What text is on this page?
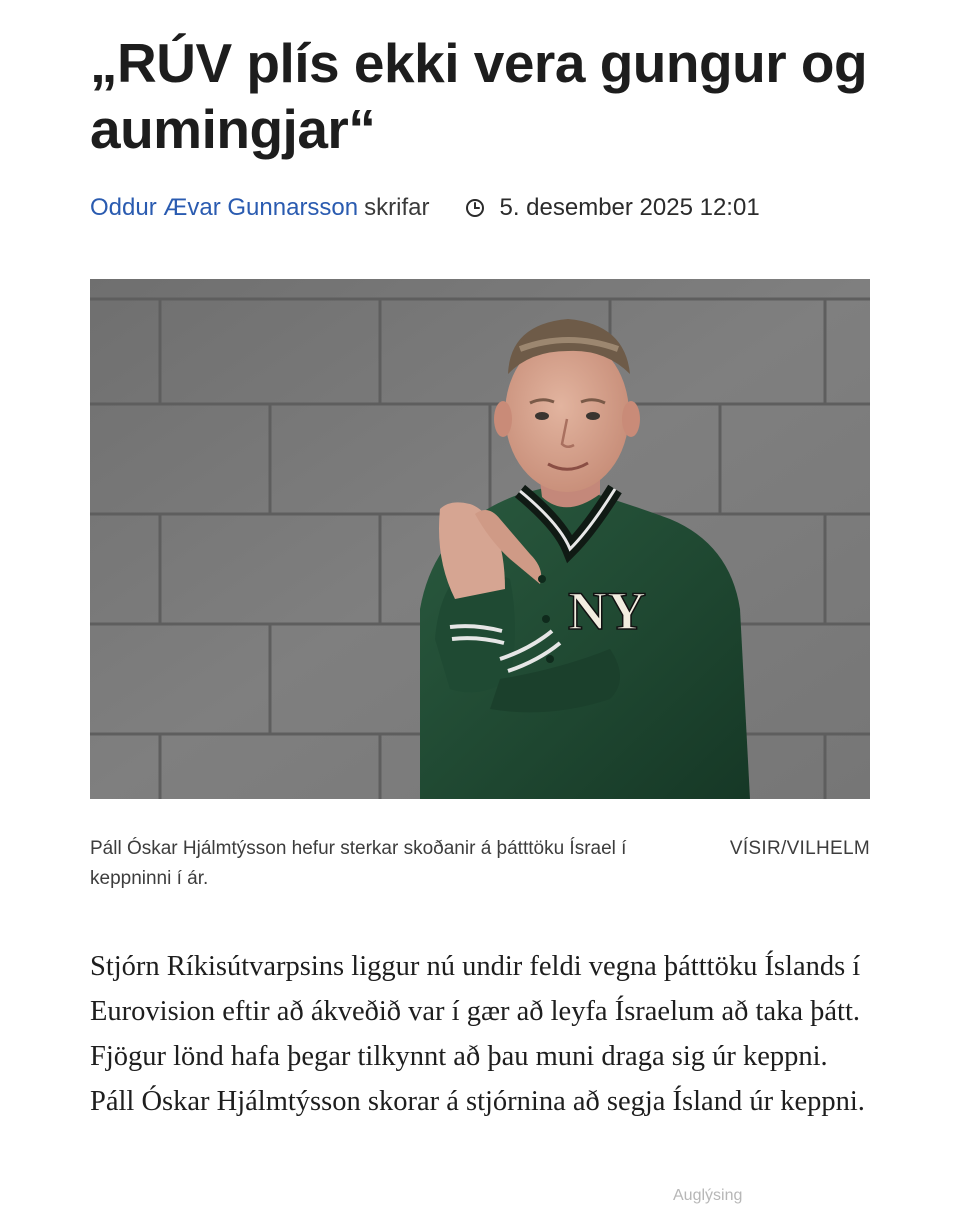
„RÚV plís ekki vera gungur og aumingjar“
Oddur Ævar Gunnarsson skrifar	5. desember 2025 12:01
NY
Páll Óskar Hjálmtýsson hefur sterkar skoðanir á þátttöku Ísrael í keppninni í ár.
VÍSIR/VILHELM

Stjórn Ríkisútvarpsins liggur nú undir feldi vegna þátttöku Íslands í Eurovision eftir að ákveðið var í gær að leyfa Ísraelum að taka þátt. Fjögur lönd hafa þegar tilkynnt að þau muni draga sig úr keppni. Páll Óskar Hjálmtýsson skorar á stjórnina að segja Ísland úr keppni.

Auglýsing
